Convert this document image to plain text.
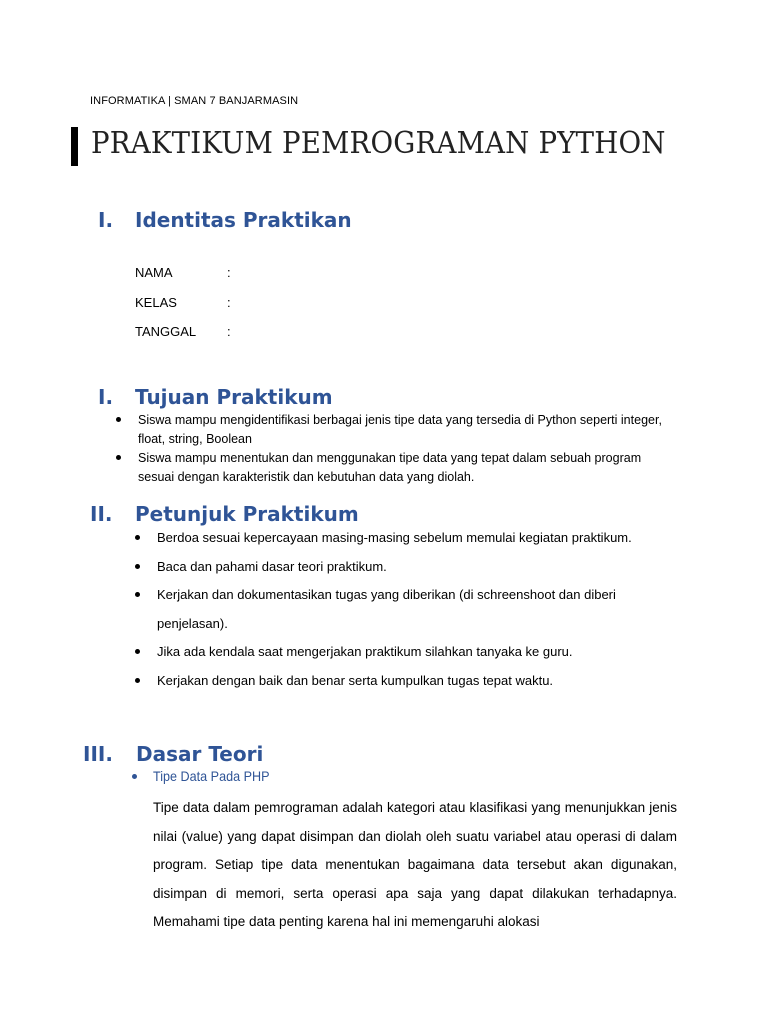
INFORMATIKA | SMAN 7 BANJARMASIN
PRAKTIKUM PEMROGRAMAN PYTHON
I. Identitas Praktikan
NAMA	:
KELAS	:
TANGGAL :
I. Tujuan Praktikum
Siswa mampu mengidentifikasi berbagai jenis tipe data yang tersedia di Python seperti integer, float, string, Boolean
Siswa mampu menentukan dan menggunakan tipe data yang tepat dalam sebuah program sesuai dengan karakteristik dan kebutuhan data yang diolah.
II. Petunjuk Praktikum
Berdoa sesuai kepercayaan masing-masing sebelum memulai kegiatan praktikum.
Baca dan pahami dasar teori praktikum.
Kerjakan dan dokumentasikan tugas yang diberikan (di schreenshoot dan diberi penjelasan).
Jika ada kendala saat mengerjakan praktikum silahkan tanyaka ke guru.
Kerjakan dengan baik dan benar serta kumpulkan tugas tepat waktu.
III. Dasar Teori
Tipe Data Pada PHP
Tipe data dalam pemrograman adalah kategori atau klasifikasi yang menunjukkan jenis nilai (value) yang dapat disimpan dan diolah oleh suatu variabel atau operasi di dalam program. Setiap tipe data menentukan bagaimana data tersebut akan digunakan, disimpan di memori, serta operasi apa saja yang dapat dilakukan terhadapnya. Memahami tipe data penting karena hal ini memengaruhi alokasi
